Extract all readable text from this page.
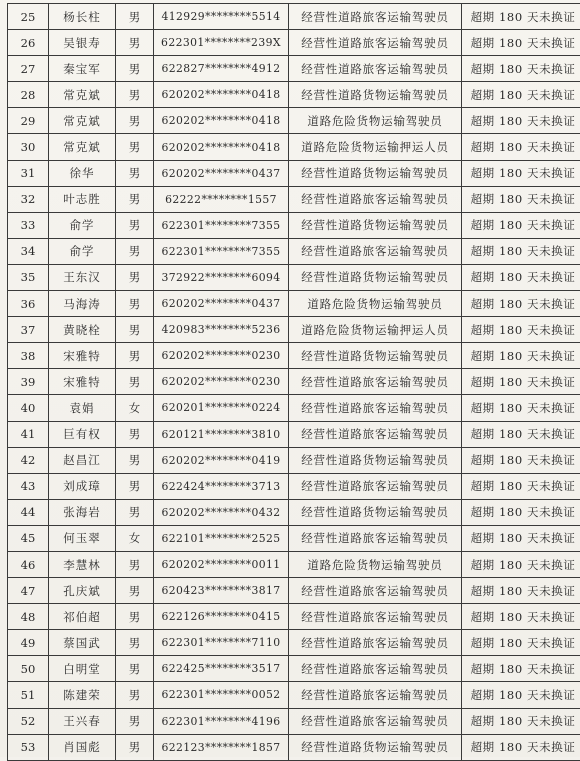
25	杨长柱	男	412929********5514	经营性道路旅客运输驾驶员	超期 180 天未换证
26	吴银寿	男	622301********239X	经营性道路旅客运输驾驶员	超期 180 天未换证
27	秦宝军	男	622827********4912	经营性道路旅客运输驾驶员	超期 180 天未换证
28	常克斌	男	620202********0418	经营性道路货物运输驾驶员	超期 180 天未换证
29	常克斌	男	620202********0418	道路危险货物运输驾驶员	超期 180 天未换证
30	常克斌	男	620202********0418	道路危险货物运输押运人员	超期 180 天未换证
31	徐华	男	620202********0437	经营性道路货物运输驾驶员	超期 180 天未换证
32	叶志胜	男	62222********1557	经营性道路旅客运输驾驶员	超期 180 天未换证
33	俞学	男	622301********7355	经营性道路货物运输驾驶员	超期 180 天未换证
34	俞学	男	622301********7355	经营性道路旅客运输驾驶员	超期 180 天未换证
35	王东汉	男	372922********6094	经营性道路货物运输驾驶员	超期 180 天未换证
36	马海涛	男	620202********0437	道路危险货物运输驾驶员	超期 180 天未换证
37	黄晓栓	男	420983********5236	道路危险货物运输押运人员	超期 180 天未换证
38	宋雅特	男	620202********0230	经营性道路货物运输驾驶员	超期 180 天未换证
39	宋雅特	男	620202********0230	经营性道路旅客运输驾驶员	超期 180 天未换证
40	袁娟	女	620201********0224	经营性道路旅客运输驾驶员	超期 180 天未换证
41	巨有权	男	620121********3810	经营性道路旅客运输驾驶员	超期 180 天未换证
42	赵昌江	男	620202********0419	经营性道路货物运输驾驶员	超期 180 天未换证
43	刘成璋	男	622424********3713	经营性道路旅客运输驾驶员	超期 180 天未换证
44	张海岩	男	620202********0432	经营性道路货物运输驾驶员	超期 180 天未换证
45	何玉翠	女	622101********2525	经营性道路旅客运输驾驶员	超期 180 天未换证
46	李慧林	男	620202********0011	道路危险货物运输驾驶员	超期 180 天未换证
47	孔庆斌	男	620423********3817	经营性道路旅客运输驾驶员	超期 180 天未换证
48	祁伯超	男	622126********0415	经营性道路旅客运输驾驶员	超期 180 天未换证
49	蔡国武	男	622301********7110	经营性道路旅客运输驾驶员	超期 180 天未换证
50	白明堂	男	622425********3517	经营性道路旅客运输驾驶员	超期 180 天未换证
51	陈建荣	男	622301********0052	经营性道路旅客运输驾驶员	超期 180 天未换证
52	王兴春	男	622301********4196	经营性道路旅客运输驾驶员	超期 180 天未换证
53	肖国彪	男	622123********1857	经营性道路货物运输驾驶员	超期 180 天未换证
